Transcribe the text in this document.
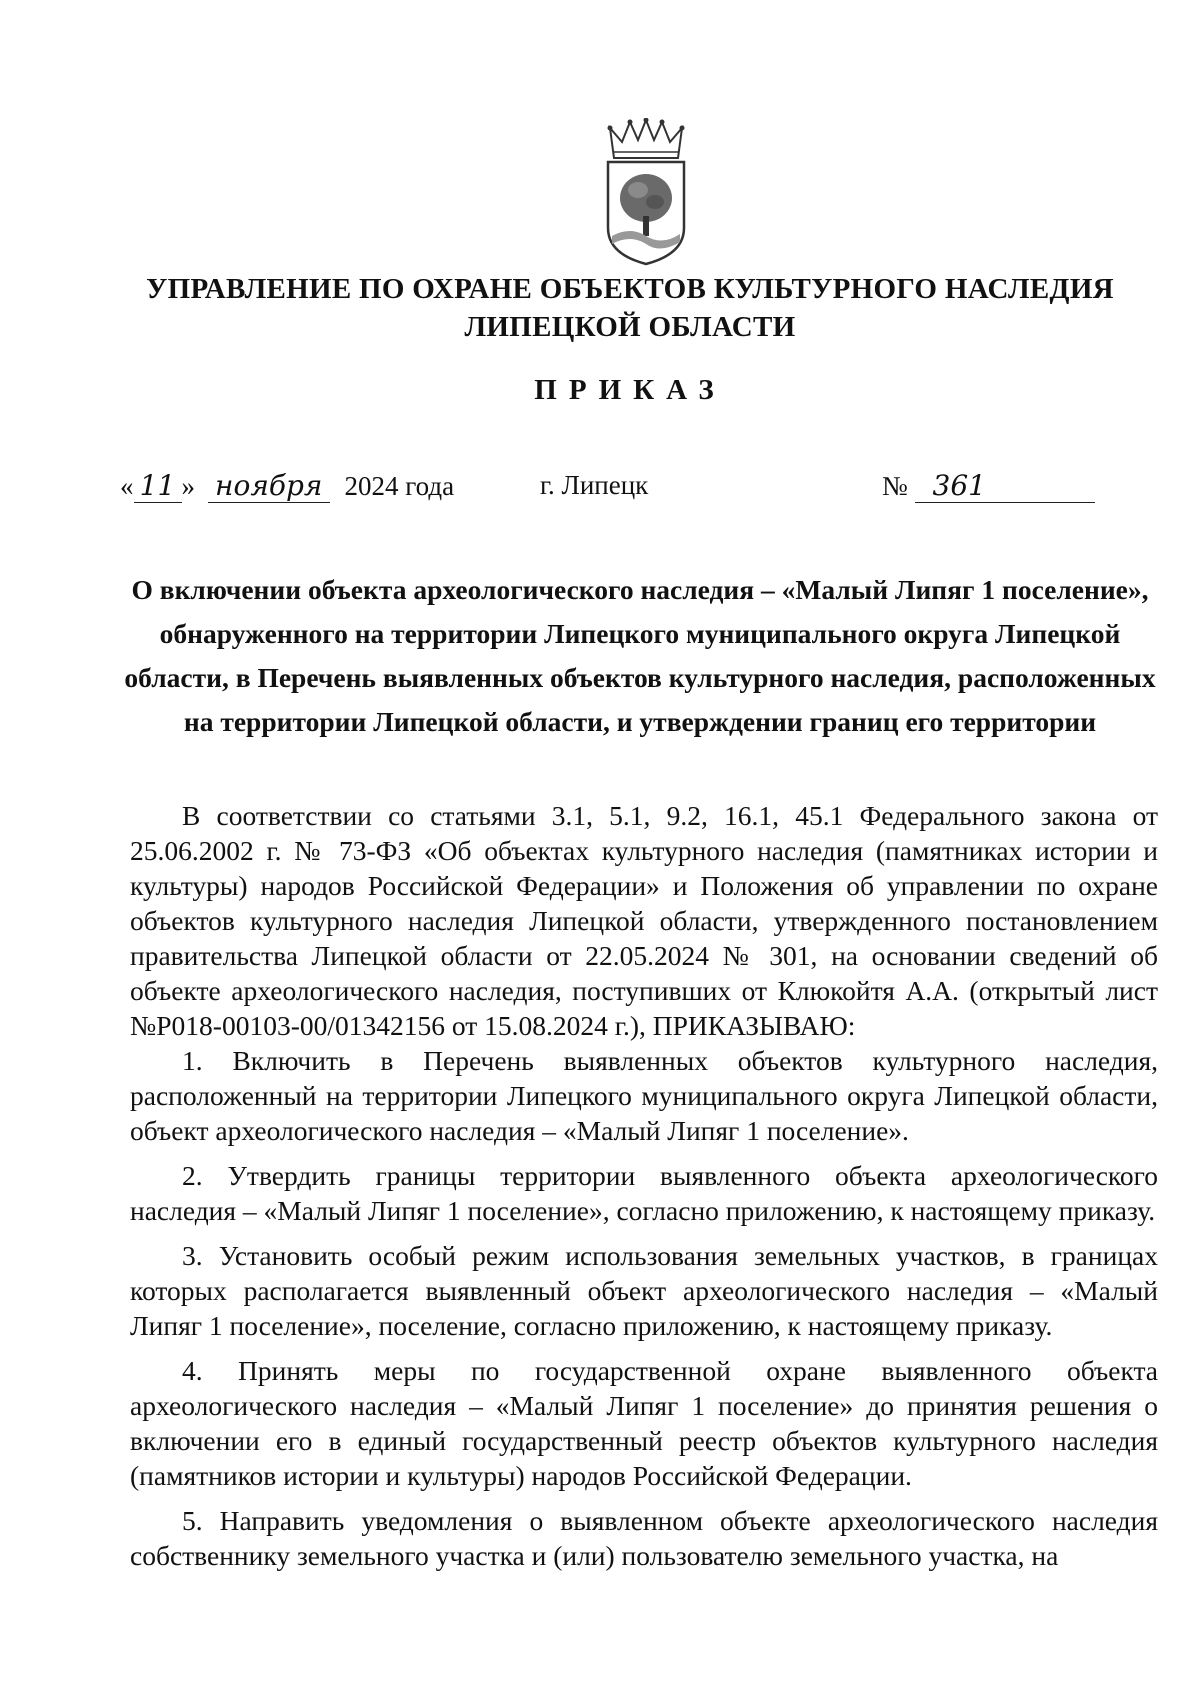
УПРАВЛЕНИЕ ПО ОХРАНЕ ОБЪЕКТОВ КУЛЬТУРНОГО НАСЛЕДИЯ
ЛИПЕЦКОЙ ОБЛАСТИ
ПРИКАЗ
« 11 » ноября 2024 года	г. Липецк	№ 361
О включении объекта археологического наследия – «Малый Липяг 1 поселение», обнаруженного на территории Липецкого муниципального округа Липецкой области, в Перечень выявленных объектов культурного наследия, расположенных на территории Липецкой области, и утверждении границ его территории

В соответствии со статьями 3.1, 5.1, 9.2, 16.1, 45.1 Федерального закона от 25.06.2002 г. № 73-ФЗ «Об объектах культурного наследия (памятниках истории и культуры) народов Российской Федерации» и Положения об управлении по охране объектов культурного наследия Липецкой области, утвержденного постановлением правительства Липецкой области от 22.05.2024 № 301, на основании сведений об объекте археологического наследия, поступивших от Клюкойтя А.А. (открытый лист №Р018-00103-00/01342156 от 15.08.2024 г.), ПРИКАЗЫВАЮ:

1. Включить в Перечень выявленных объектов культурного наследия, расположенный на территории Липецкого муниципального округа Липецкой области, объект археологического наследия – «Малый Липяг 1 поселение».

2. Утвердить границы территории выявленного объекта археологического наследия – «Малый Липяг 1 поселение», согласно приложению, к настоящему приказу.

3. Установить особый режим использования земельных участков, в границах которых располагается выявленный объект археологического наследия – «Малый Липяг 1 поселение», поселение, согласно приложению, к настоящему приказу.

4. Принять меры по государственной охране выявленного объекта археологического наследия – «Малый Липяг 1 поселение» до принятия решения о включении его в единый государственный реестр объектов культурного наследия (памятников истории и культуры) народов Российской Федерации.

5. Направить уведомления о выявленном объекте археологического наследия собственнику земельного участка и (или) пользователю земельного участка, на
